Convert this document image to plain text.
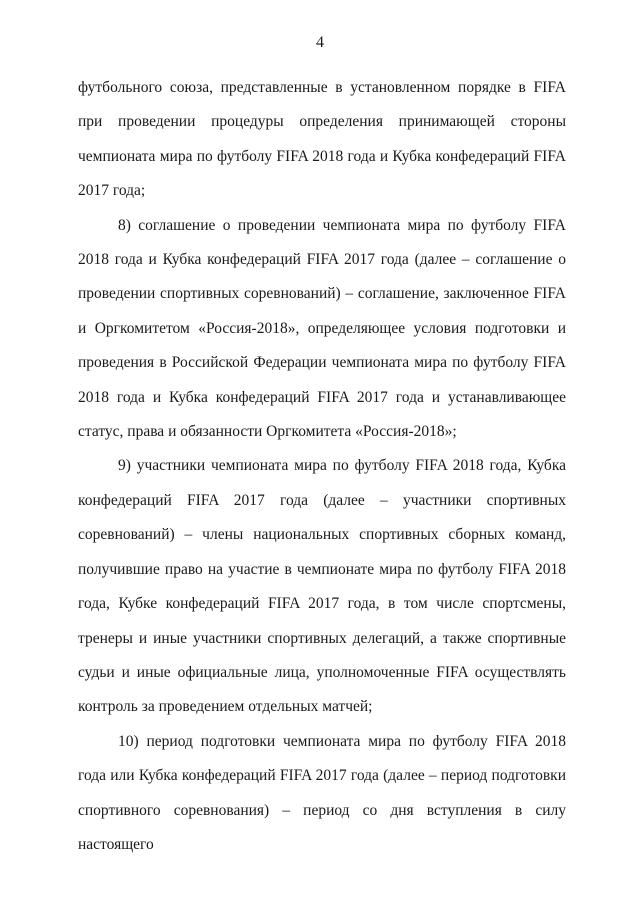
4

футбольного союза, представленные в установленном порядке в FIFA при проведении процедуры определения принимающей стороны чемпионата мира по футболу FIFA 2018 года и Кубка конфедераций FIFA 2017 года;

8) соглашение о проведении чемпионата мира по футболу FIFA 2018 года и Кубка конфедераций FIFA 2017 года (далее – соглашение о проведении спортивных соревнований) – соглашение, заключенное FIFA и Оргкомитетом «Россия-2018», определяющее условия подготовки и проведения в Российской Федерации чемпионата мира по футболу FIFA 2018 года и Кубка конфедераций FIFA 2017 года и устанавливающее статус, права и обязанности Оргкомитета «Россия-2018»;

9) участники чемпионата мира по футболу FIFA 2018 года, Кубка конфедераций FIFA 2017 года (далее – участники спортивных соревнований) – члены национальных спортивных сборных команд, получившие право на участие в чемпионате мира по футболу FIFA 2018 года, Кубке конфедераций FIFA 2017 года, в том числе спортсмены, тренеры и иные участники спортивных делегаций, а также спортивные судьи и иные официальные лица, уполномоченные FIFA осуществлять контроль за проведением отдельных матчей;

10) период подготовки чемпионата мира по футболу FIFA 2018 года или Кубка конфедераций FIFA 2017 года (далее – период подготовки спортивного соревнования) – период со дня вступления в силу настоящего
